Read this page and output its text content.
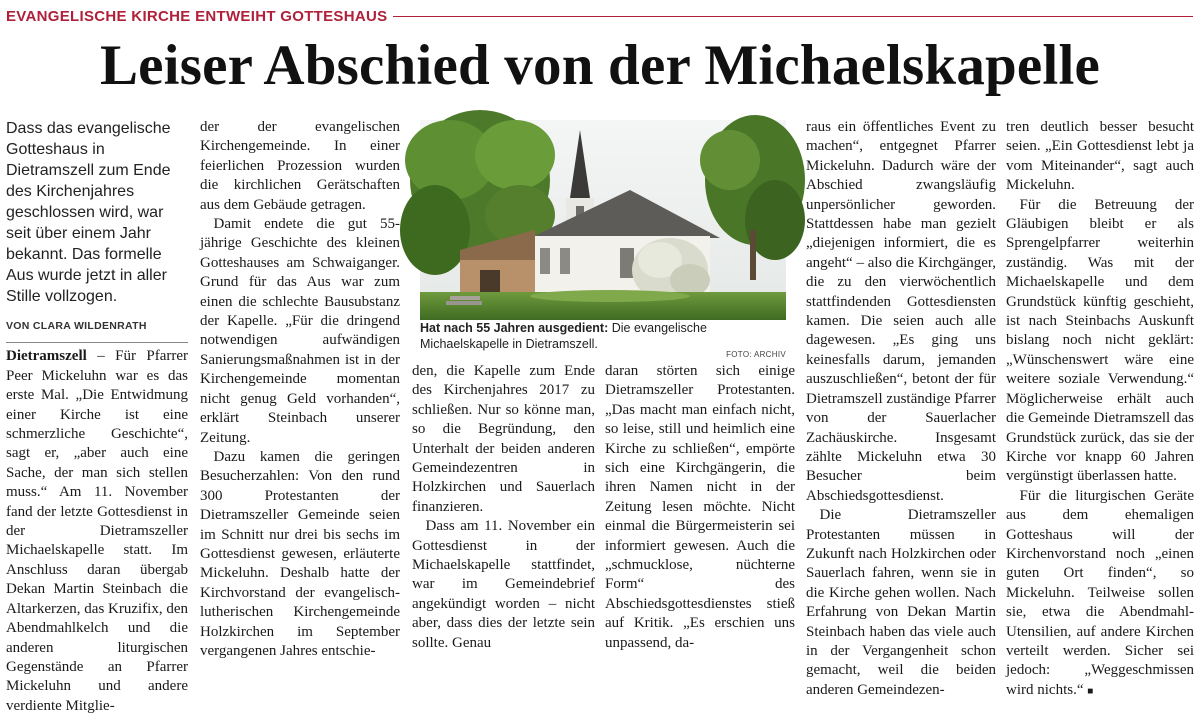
EVANGELISCHE KIRCHE ENTWEIHT GOTTESHAUS
Leiser Abschied von der Michaelskapelle
Dass das evangelische Gotteshaus in Dietramszell zum Ende des Kirchenjahres geschlossen wird, war seit über einem Jahr bekannt. Das formelle Aus wurde jetzt in aller Stille vollzogen.
VON CLARA WILDENRATH

Dietramszell – Für Pfarrer Peer Mickeluhn war es das erste Mal. „Die Entwidmung einer Kirche ist eine schmerzliche Geschichte“, sagt er, „aber auch eine Sache, der man sich stellen muss.“ Am 11. November fand der letzte Gottesdienst in der Dietramszeller Michaelskapelle statt. Im Anschluss daran übergab Dekan Martin Steinbach die Altarkerzen, das Kruzifix, den Abendmahlkelch und die anderen liturgischen Gegenstände an Pfarrer Mickeluhn und andere verdiente Mitglie-

der der evangelischen Kirchengemeinde. In einer feierlichen Prozession wurden die kirchlichen Gerätschaften aus dem Gebäude getragen.

Damit endete die gut 55-jährige Geschichte des kleinen Gotteshauses am Schwaiganger. Grund für das Aus war zum einen die schlechte Bausubstanz der Kapelle. „Für die dringend notwendigen aufwändigen Sanierungsmaßnahmen ist in der Kirchengemeinde momentan nicht genug Geld vorhanden“, erklärt Steinbach unserer Zeitung.

Dazu kamen die geringen Besucherzahlen: Von den rund 300 Protestanten der Dietramszeller Gemeinde seien im Schnitt nur drei bis sechs im Gottesdienst gewesen, erläuterte Mickeluhn. Deshalb hatte der Kirchvorstand der evangelisch-lutherischen Kirchengemeinde Holzkirchen im September vergangenen Jahres entschie-

Hat nach 55 Jahren ausgedient: Die evangelische Michaelskapelle in Dietramszell.
FOTO: ARCHIV

den, die Kapelle zum Ende des Kirchenjahres 2017 zu schließen. Nur so könne man, so die Begründung, den Unterhalt der beiden anderen Gemeindezentren in Holzkirchen und Sauerlach finanzieren.

Dass am 11. November ein Gottesdienst in der Michaelskapelle stattfindet, war im Gemeindebrief angekündigt worden – nicht aber, dass dies der letzte sein sollte. Genau

daran störten sich einige Dietramszeller Protestanten. „Das macht man einfach nicht, so leise, still und heimlich eine Kirche zu schließen“, empörte sich eine Kirchgängerin, die ihren Namen nicht in der Zeitung lesen möchte. Nicht einmal die Bürgermeisterin sei informiert gewesen. Auch die „schmucklose, nüchterne Form“ des Abschiedsgottesdienstes stieß auf Kritik. „Es erschien uns unpassend, da-

raus ein öffentliches Event zu machen“, entgegnet Pfarrer Mickeluhn. Dadurch wäre der Abschied zwangsläufig unpersönlicher geworden. Stattdessen habe man gezielt „diejenigen informiert, die es angeht“ – also die Kirchgänger, die zu den vierwöchentlich stattfindenden Gottesdiensten kamen. Die seien auch alle dagewesen. „Es ging uns keinesfalls darum, jemanden auszuschließen“, betont der für Dietramszell zuständige Pfarrer von der Sauerlacher Zachäuskirche. Insgesamt zählte Mickeluhn etwa 30 Besucher beim Abschiedsgottesdienst.

Die Dietramszeller Protestanten müssen in Zukunft nach Holzkirchen oder Sauerlach fahren, wenn sie in die Kirche gehen wollen. Nach Erfahrung von Dekan Martin Steinbach haben das viele auch in der Vergangenheit schon gemacht, weil die beiden anderen Gemeindezen-

tren deutlich besser besucht seien. „Ein Gottesdienst lebt ja vom Miteinander“, sagt auch Mickeluhn.

Für die Betreuung der Gläubigen bleibt er als Sprengelpfarrer weiterhin zuständig. Was mit der Michaelskapelle und dem Grundstück künftig geschieht, ist nach Steinbachs Auskunft bislang noch nicht geklärt: „Wünschenswert wäre eine weitere soziale Verwendung.“ Möglicherweise erhält auch die Gemeinde Dietramszell das Grundstück zurück, das sie der Kirche vor knapp 60 Jahren vergünstigt überlassen hatte.

Für die liturgischen Geräte aus dem ehemaligen Gotteshaus will der Kirchenvorstand noch „einen guten Ort finden“, so Mickeluhn. Teilweise sollen sie, etwa die Abendmahl-Utensilien, auf andere Kirchen verteilt werden. Sicher sei jedoch: „Weggeschmissen wird nichts.“ ■
